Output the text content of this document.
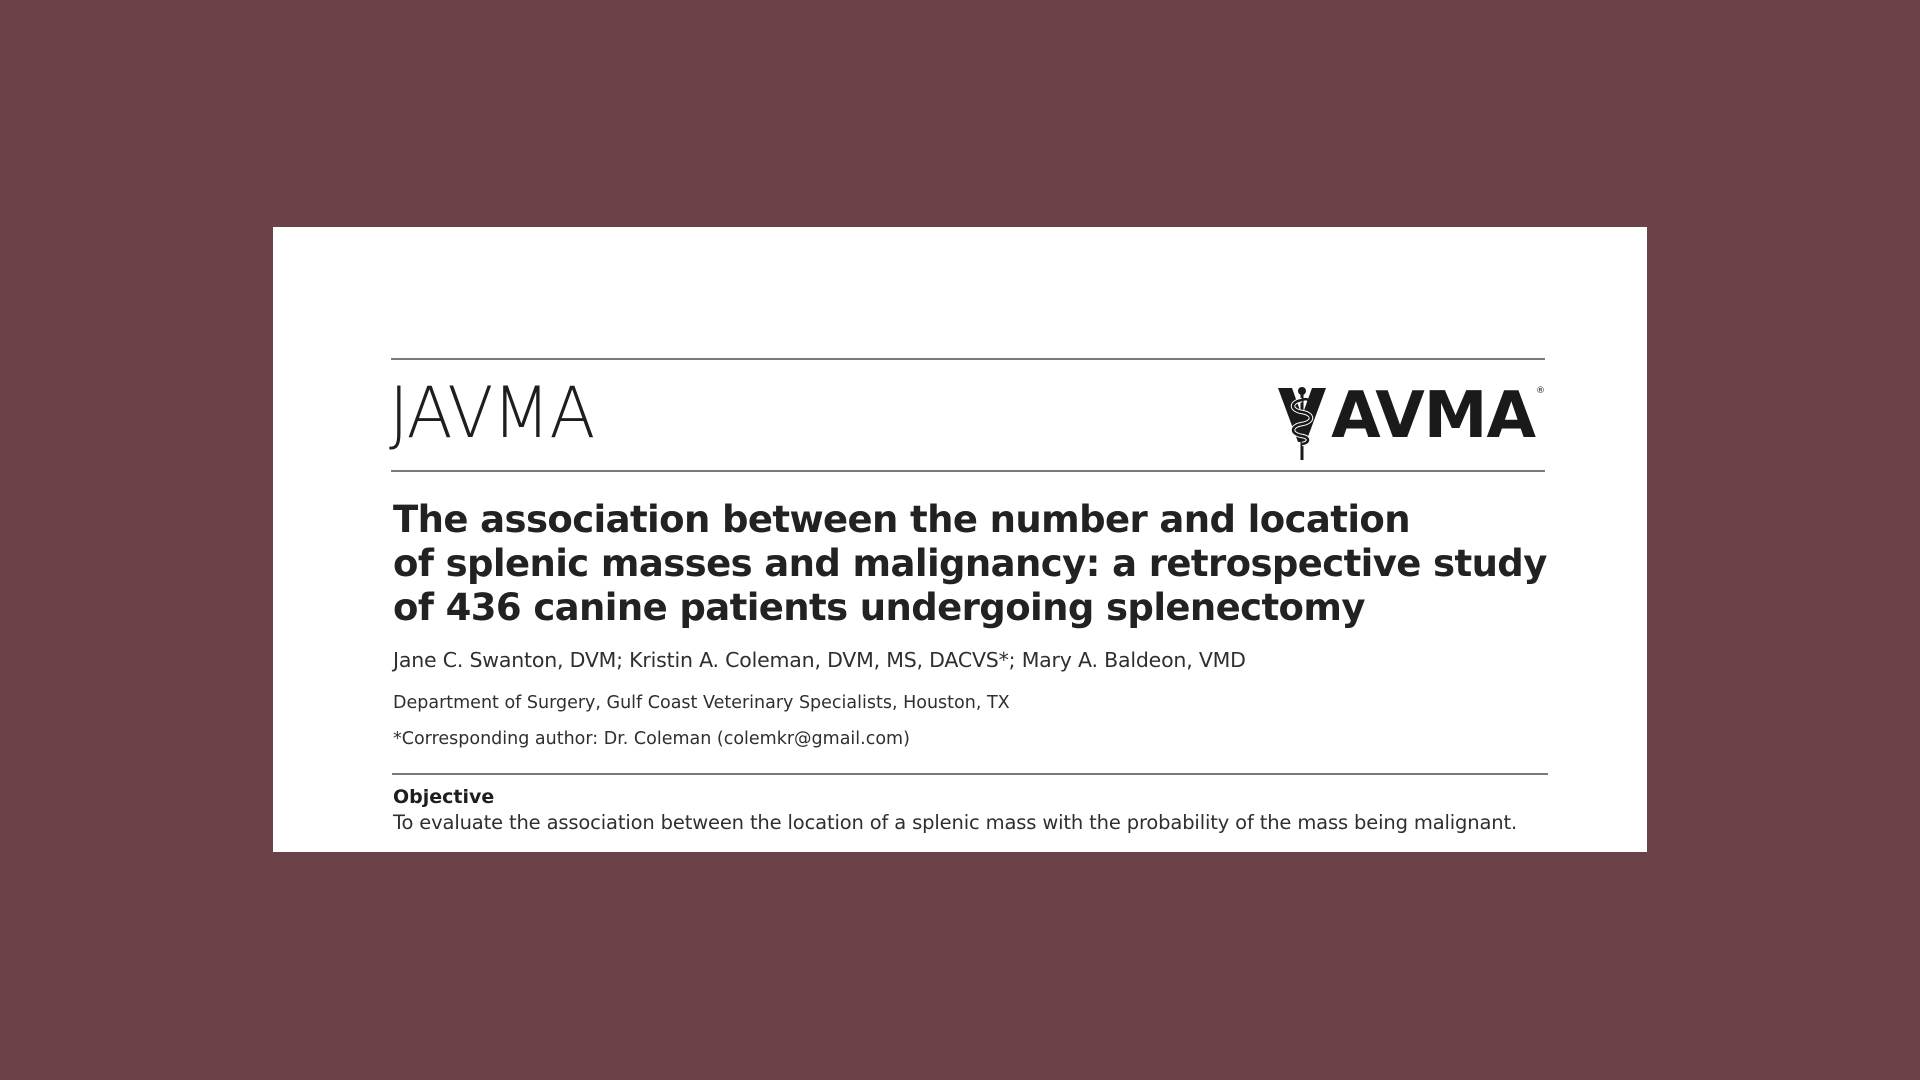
JAVMA	AVMA ®
The association between the number and location
of splenic masses and malignancy: a retrospective study
of 436 canine patients undergoing splenectomy
Jane C. Swanton, DVM; Kristin A. Coleman, DVM, MS, DACVS*; Mary A. Baldeon, VMD
Department of Surgery, Gulf Coast Veterinary Specialists, Houston, TX
*Corresponding author: Dr. Coleman (colemkr@gmail.com)
Objective
To evaluate the association between the location of a splenic mass with the probability of the mass being malignant.
